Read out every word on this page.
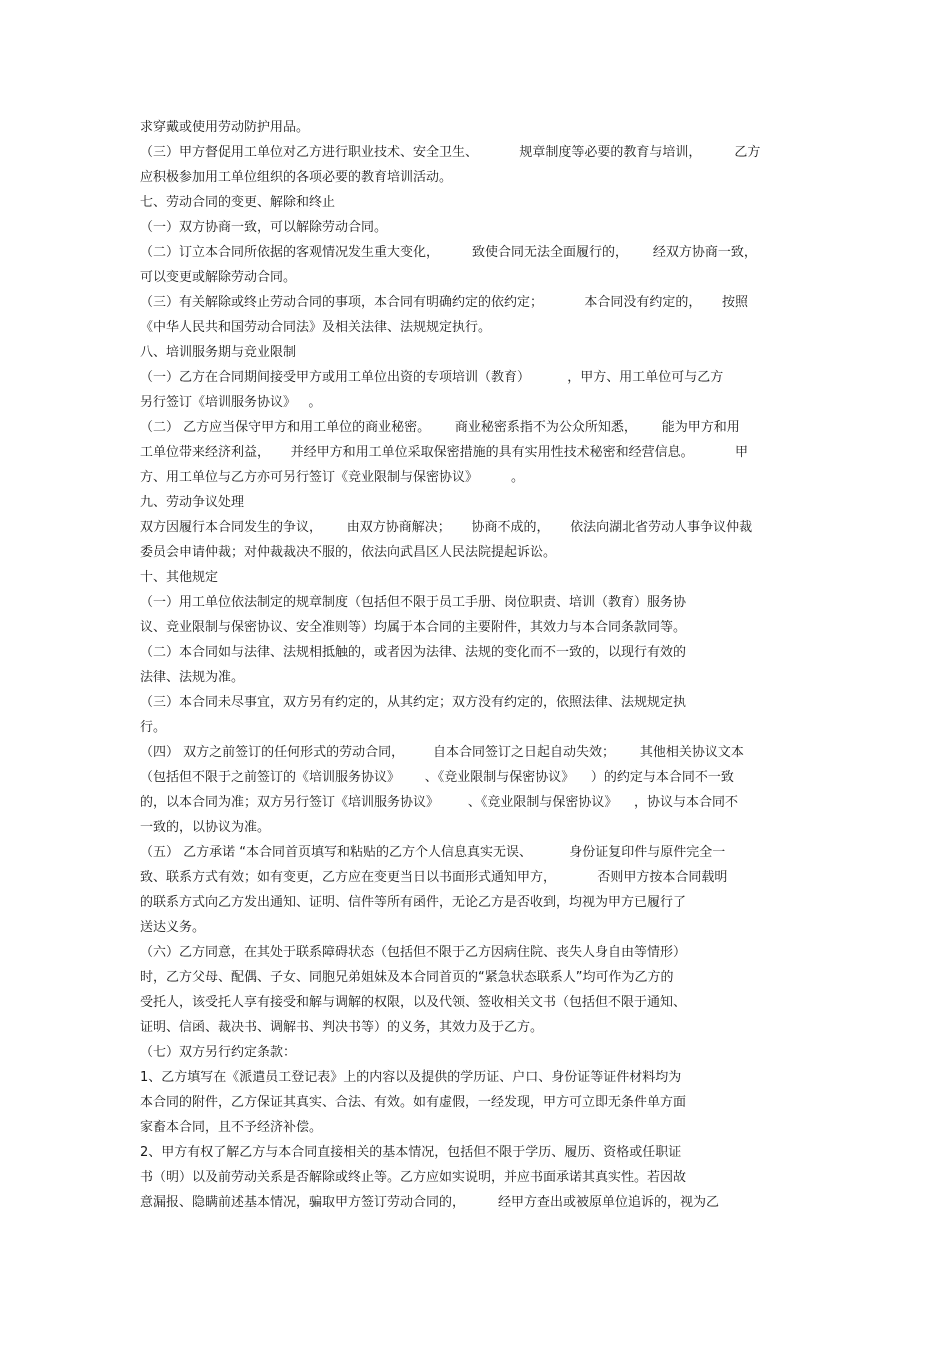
求穿戴或使用劳动防护用品。
（三）甲方督促用工单位对乙方进行职业技术、安全卫生、          规章制度等必要的教育与培训，        乙方
应积极参加用工单位组织的各项必要的教育培训活动。
七、劳动合同的变更、解除和终止
（一）双方协商一致，可以解除劳动合同。
（二）订立本合同所依据的客观情况发生重大变化，        致使合同无法全面履行的，      经双方协商一致，
可以变更或解除劳动合同。
（三）有关解除或终止劳动合同的事项，本合同有明确约定的依约定；          本合同没有约定的，     按照
《中华人民共和国劳动合同法》及相关法律、法规规定执行。
八、培训服务期与竞业限制
（一）乙方在合同期间接受甲方或用工单位出资的专项培训（教育）         ，甲方、用工单位可与乙方
另行签订《培训服务协议》   。
（二） 乙方应当保守甲方和用工单位的商业秘密。      商业秘密系指不为公众所知悉，      能为甲方和用
工单位带来经济利益，     并经甲方和用工单位采取保密措施的具有实用性技术秘密和经营信息。          甲
方、用工单位与乙方亦可另行签订《竞业限制与保密协议》        。
九、劳动争议处理
双方因履行本合同发生的争议，      由双方协商解决；     协商不成的，     依法向湖北省劳动人事争议仲裁
委员会申请仲裁；对仲裁裁决不服的，依法向武昌区人民法院提起诉讼。
十、其他规定
（一）用工单位依法制定的规章制度（包括但不限于员工手册、岗位职责、培训（教育）服务协
议、竞业限制与保密协议、安全准则等）均属于本合同的主要附件，其效力与本合同条款同等。
（二）本合同如与法律、法规相抵触的，或者因为法律、法规的变化而不一致的，以现行有效的
法律、法规为准。
（三）本合同未尽事宜，双方另有约定的，从其约定；双方没有约定的，依照法律、法规规定执
行。
（四） 双方之前签订的任何形式的劳动合同，       自本合同签订之日起自动失效；      其他相关协议文本
（包括但不限于之前签订的《培训服务协议》      、《竞业限制与保密协议》    ）的约定与本合同不一致
的，以本合同为准；双方另行签订《培训服务协议》       、《竞业限制与保密协议》    ，协议与本合同不
一致的，以协议为准。
（五） 乙方承诺 “本合同首页填写和粘贴的乙方个人信息真实无误、         身份证复印件与原件完全一
致、联系方式有效；如有变更，乙方应在变更当日以书面形式通知甲方，          否则甲方按本合同载明
的联系方式向乙方发出通知、证明、信件等所有函件，无论乙方是否收到，均视为甲方已履行了
送达义务。
（六）乙方同意，在其处于联系障碍状态（包括但不限于乙方因病住院、丧失人身自由等情形）
时，乙方父母、配偶、子女、同胞兄弟姐妹及本合同首页的“紧急状态联系人”均可作为乙方的
受托人，该受托人享有接受和解与调解的权限，以及代领、签收相关文书（包括但不限于通知、
证明、信函、裁决书、调解书、判决书等）的义务，其效力及于乙方。
（七）双方另行约定条款：
1、乙方填写在《派遣员工登记表》上的内容以及提供的学历证、户口、身份证等证件材料均为
本合同的附件，乙方保证其真实、合法、有效。如有虚假，一经发现，甲方可立即无条件单方面
家畜本合同，且不予经济补偿。
2、甲方有权了解乙方与本合同直接相关的基本情况，包括但不限于学历、履历、资格或任职证
书（明）以及前劳动关系是否解除或终止等。乙方应如实说明，并应书面承诺其真实性。若因故
意漏报、隐瞒前述基本情况，骗取甲方签订劳动合同的，        经甲方查出或被原单位追诉的，视为乙
